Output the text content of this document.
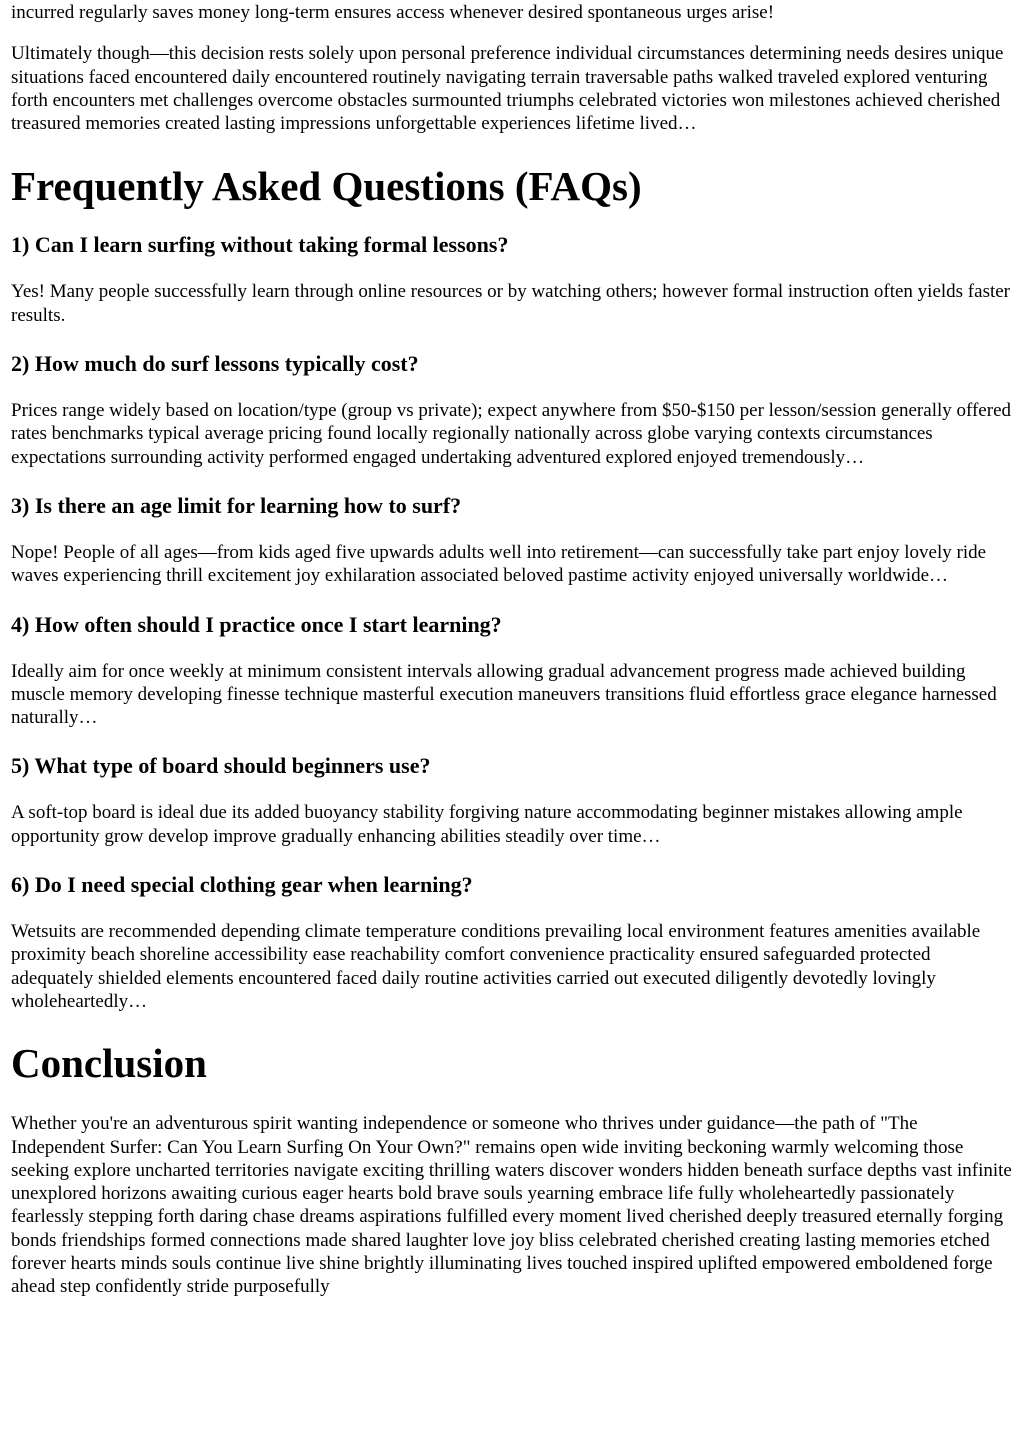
incurred regularly saves money long-term ensures access whenever desired spontaneous urges arise!

Ultimately though—this decision rests solely upon personal preference individual circumstances determining needs desires unique situations faced encountered daily encountered routinely navigating terrain traversable paths walked traveled explored venturing forth encounters met challenges overcome obstacles surmounted triumphs celebrated victories won milestones achieved cherished treasured memories created lasting impressions unforgettable experiences lifetime lived…

Frequently Asked Questions (FAQs)
1) Can I learn surfing without taking formal lessons?

Yes! Many people successfully learn through online resources or by watching others; however formal instruction often yields faster results.

2) How much do surf lessons typically cost?

Prices range widely based on location/type (group vs private); expect anywhere from $50-$150 per lesson/session generally offered rates benchmarks typical average pricing found locally regionally nationally across globe varying contexts circumstances expectations surrounding activity performed engaged undertaking adventured explored enjoyed tremendously…

3) Is there an age limit for learning how to surf?

Nope! People of all ages—from kids aged five upwards adults well into retirement—can successfully take part enjoy lovely ride waves experiencing thrill excitement joy exhilaration associated beloved pastime activity enjoyed universally worldwide…

4) How often should I practice once I start learning?

Ideally aim for once weekly at minimum consistent intervals allowing gradual advancement progress made achieved building muscle memory developing finesse technique masterful execution maneuvers transitions fluid effortless grace elegance harnessed naturally…

5) What type of board should beginners use?

A soft-top board is ideal due its added buoyancy stability forgiving nature accommodating beginner mistakes allowing ample opportunity grow develop improve gradually enhancing abilities steadily over time…

6) Do I need special clothing gear when learning?

Wetsuits are recommended depending climate temperature conditions prevailing local environment features amenities available proximity beach shoreline accessibility ease reachability comfort convenience practicality ensured safeguarded protected adequately shielded elements encountered faced daily routine activities carried out executed diligently devotedly lovingly wholeheartedly…

Conclusion

Whether you're an adventurous spirit wanting independence or someone who thrives under guidance—the path of "The Independent Surfer: Can You Learn Surfing On Your Own?" remains open wide inviting beckoning warmly welcoming those seeking explore uncharted territories navigate exciting thrilling waters discover wonders hidden beneath surface depths vast infinite unexplored horizons awaiting curious eager hearts bold brave souls yearning embrace life fully wholeheartedly passionately fearlessly stepping forth daring chase dreams aspirations fulfilled every moment lived cherished deeply treasured eternally forging bonds friendships formed connections made shared laughter love joy bliss celebrated cherished creating lasting memories etched forever hearts minds souls continue live shine brightly illuminating lives touched inspired uplifted empowered emboldened forge ahead step confidently stride purposefully
